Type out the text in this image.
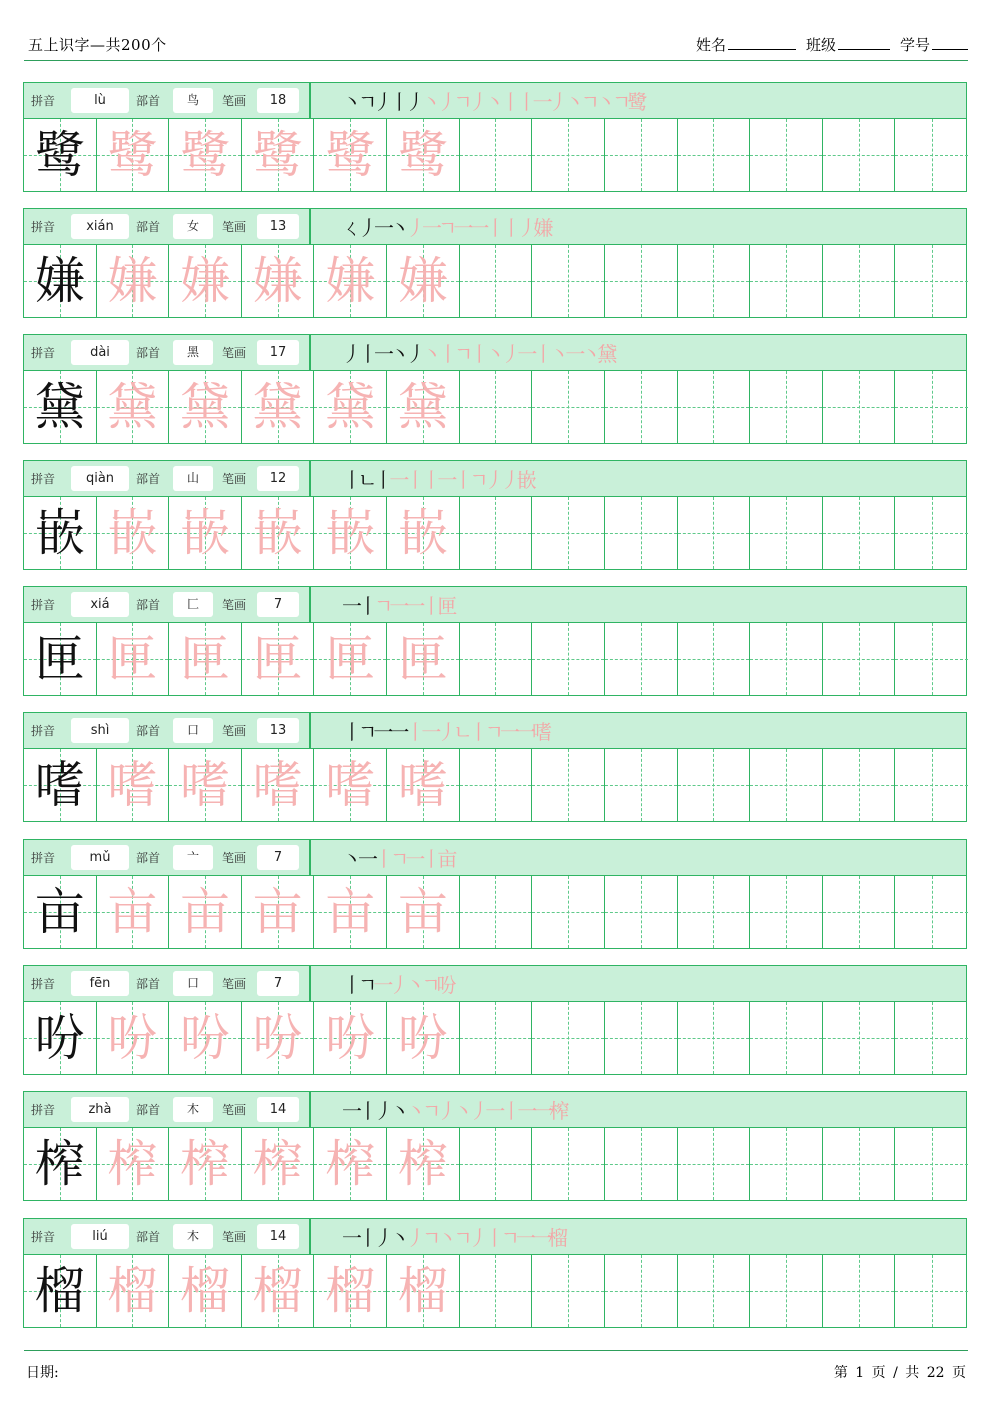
五上识字—共200个	姓名	班级	学号
拼音	lù	部首	鸟	笔画	18	丶ㄱ丿丨丿丶丿ㄱ丿丶丨丨一丿丶ㄱ丶ㄱ鹭
鹭 鹭 鹭 鹭 鹭 鹭
拼音	xián	部首	女	笔画	13	ㄑ丿一丶丿一ㄱ一一丨丨丿嫌
嫌 嫌 嫌 嫌 嫌 嫌
拼音	dài	部首	黑	笔画	17	丿丨一丶丿丶丨ㄱ丨丶丿一丨丶一丶黛
黛 黛 黛 黛 黛 黛
拼音	qiàn	部首	山	笔画	12	丨ㄴ丨一丨丨一丨ㄱ丿丿嵌
嵌 嵌 嵌 嵌 嵌 嵌
拼音	xiá	部首	匚	笔画	7	一丨ㄱ一一丨匣
匣 匣 匣 匣 匣 匣
拼音	shì	部首	口	笔画	13	丨ㄱ一一丨一丿ㄴ丨ㄱ一一嗜
嗜 嗜 嗜 嗜 嗜 嗜
拼音	mǔ	部首	亠	笔画	7	丶一丨ㄱ一丨亩
亩 亩 亩 亩 亩 亩
拼音	fēn	部首	口	笔画	7	丨ㄱ一丿丶ㄱ吩
吩 吩 吩 吩 吩 吩
拼音	zhà	部首	木	笔画	14	一丨丿丶丶ㄱ丿丶丿一丨一一榨
榨 榨 榨 榨 榨 榨
拼音	liú	部首	木	笔画	14	一丨丿丶丿ㄱ丶ㄱ丿丨ㄱ一一榴
榴 榴 榴 榴 榴 榴
日期:	第 1 页 / 共 22 页
